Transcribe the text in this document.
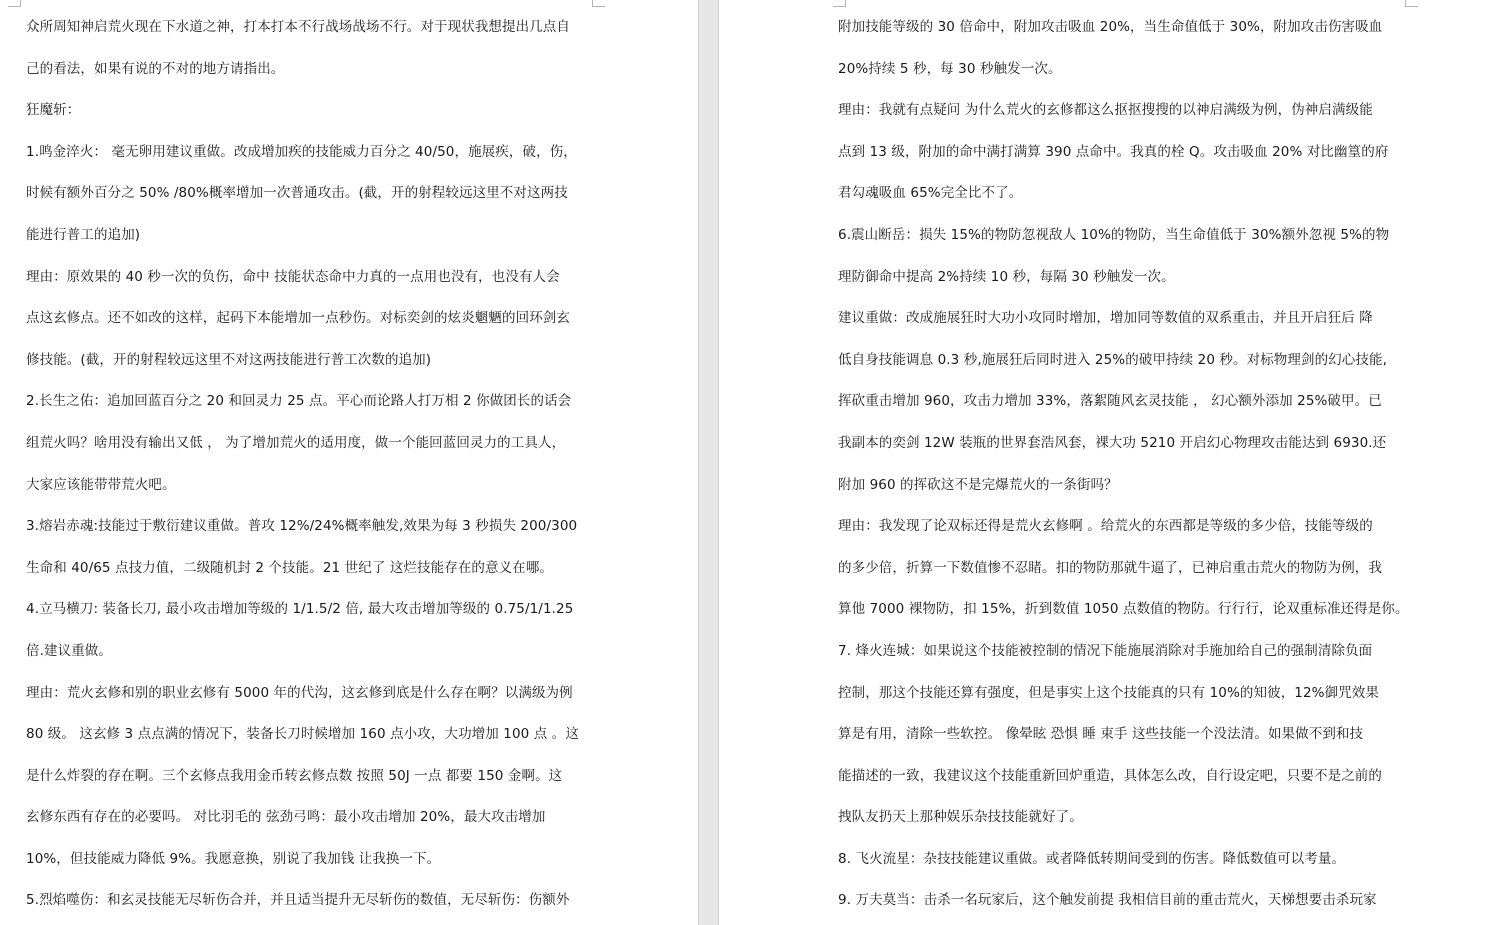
众所周知神启荒火现在下水道之神，打本打本不行战场战场不行。对于现状我想提出几点自
己的看法，如果有说的不对的地方请指出。
狂魔斩：
1.鸣金淬火： 毫无卵用建议重做。改成增加疾的技能威力百分之 40/50，施展疾，破，伤，
时候有额外百分之 50% /80%概率增加一次普通攻击。(截，开的射程较远这里不对这两技
能进行普工的追加)
理由：原效果的 40 秒一次的负伤，命中 技能状态命中力真的一点用也没有，也没有人会
点这玄修点。还不如改的这样，起码下本能增加一点秒伤。对标奕剑的炫炎魍魉的回环剑玄
修技能。(截，开的射程较远这里不对这两技能进行普工次数的追加)
2.长生之佑：追加回蓝百分之 20 和回灵力 25 点。平心而论路人打万相 2 你做团长的话会
组荒火吗？啥用没有输出又低 ， 为了增加荒火的适用度，做一个能回蓝回灵力的工具人，
大家应该能带带荒火吧。
3.熔岩赤魂:技能过于敷衍建议重做。普攻 12%/24%概率触发,效果为每 3 秒损失 200/300
生命和 40/65 点技力值，二级随机封 2 个技能。21 世纪了 这烂技能存在的意义在哪。
4.立马横刀: 装备长刀, 最小攻击增加等级的 1/1.5/2 倍, 最大攻击增加等级的 0.75/1/1.25
倍.建议重做。
理由：荒火玄修和别的职业玄修有 5000 年的代沟，这玄修到底是什么存在啊？以满级为例
80 级。 这玄修 3 点点满的情况下，装备长刀时候增加 160 点小攻，大功增加 100 点 。这
是什么炸裂的存在啊。三个玄修点我用金币转玄修点数 按照 50J 一点 都要 150 金啊。这
玄修东西有存在的必要吗。 对比羽毛的 弦劲弓鸣：最小攻击增加 20%，最大攻击增加
10%，但技能威力降低 9%。我愿意换，别说了我加钱 让我换一下。
5.烈焰噬伤：和玄灵技能无尽斩伤合并，并且适当提升无尽斩伤的数值，无尽斩伤：伤额外
附加技能等级的 30 倍命中，附加攻击吸血 20%，当生命值低于 30%，附加攻击伤害吸血
20%持续 5 秒，每 30 秒触发一次。
理由：我就有点疑问 为什么荒火的玄修都这么抠抠搜搜的以神启满级为例，伪神启满级能
点到 13 级，附加的命中满打满算 390 点命中。我真的栓 Q。攻击吸血 20% 对比幽篁的府
君勾魂吸血 65%完全比不了。
6.震山断岳：损失 15%的物防忽视敌人 10%的物防，当生命值低于 30%额外忽视 5%的物
理防御命中提高 2%持续 10 秒，每隔 30 秒触发一次。
建议重做：改成施展狂时大功小攻同时增加，增加同等数值的双系重击，并且开启狂后 降
低自身技能调息 0.3 秒,施展狂后同时进入 25%的破甲持续 20 秒。对标物理剑的幻心技能,
挥砍重击增加 960，攻击力增加 33%，落絮随风玄灵技能 ， 幻心额外添加 25%破甲。已
我副本的奕剑 12W 装瓶的世界套浩风套，裸大功 5210 开启幻心物理攻击能达到 6930.还
附加 960 的挥砍这不是完爆荒火的一条街吗？
理由：我发现了论双标还得是荒火玄修啊 。给荒火的东西都是等级的多少倍，技能等级的
的多少倍，折算一下数值惨不忍睹。扣的物防那就牛逼了，已神启重击荒火的物防为例，我
算他 7000 裸物防，扣 15%，折到数值 1050 点数值的物防。行行行，论双重标准还得是你。
7. 烽火连城：如果说这个技能被控制的情况下能施展消除对手施加给自己的强制清除负面
控制，那这个技能还算有强度，但是事实上这个技能真的只有 10%的知彼，12%御咒效果
算是有用，清除一些软控。 像晕眩 恐惧 睡 束手 这些技能一个没法清。如果做不到和技
能描述的一致，我建议这个技能重新回炉重造，具体怎么改，自行设定吧，只要不是之前的
拽队友扔天上那种娱乐杂技技能就好了。
8. 飞火流星：杂技技能建议重做。或者降低转期间受到的伤害。降低数值可以考量。
9. 万夫莫当：击杀一名玩家后，这个触发前提 我相信目前的重击荒火，天梯想要击杀玩家
